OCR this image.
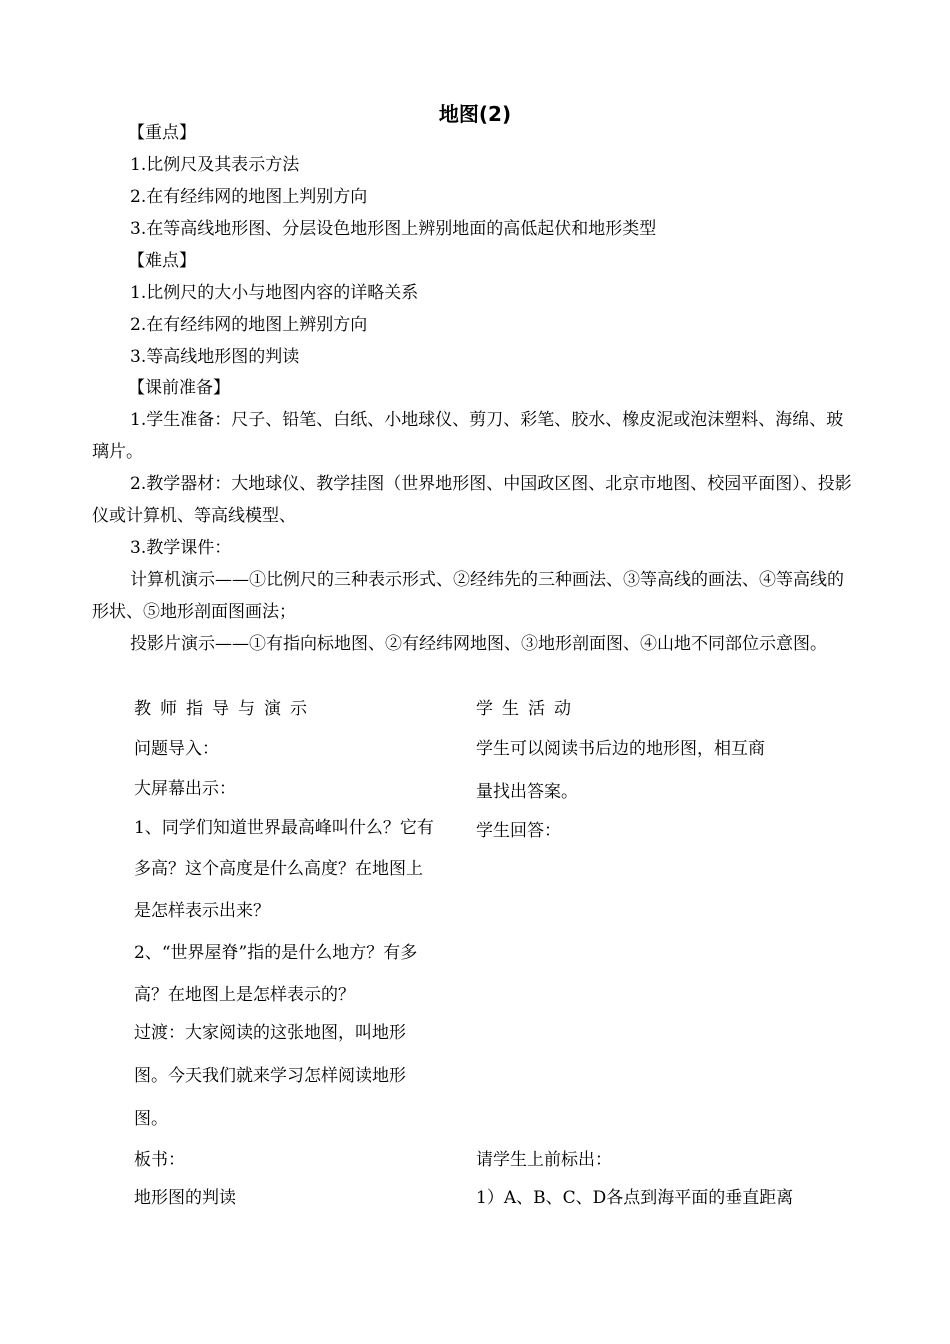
地图(2)
【重点】
1.比例尺及其表示方法
2.在有经纬网的地图上判别方向
3.在等高线地形图、分层设色地形图上辨别地面的高低起伏和地形类型
【难点】
1.比例尺的大小与地图内容的详略关系
2.在有经纬网的地图上辨别方向
3.等高线地形图的判读
【课前准备】
1.学生准备：尺子、铅笔、白纸、小地球仪、剪刀、彩笔、胶水、橡皮泥或泡沫塑料、海绵、玻璃片。
2.教学器材：大地球仪、教学挂图（世界地形图、中国政区图、北京市地图、校园平面图）、投影仪或计算机、等高线模型、
3.教学课件：
计算机演示——①比例尺的三种表示形式、②经纬先的三种画法、③等高线的画法、④等高线的形状、⑤地形剖面图画法；
投影片演示——①有指向标地图、②有经纬网地图、③地形剖面图、④山地不同部位示意图。
教师指导与演示	学生活动
问题导入：
大屏幕出示：
1、同学们知道世界最高峰叫什么？它有
多高？这个高度是什么高度？在地图上
是怎样表示出来？
2、“世界屋脊”指的是什么地方？有多
高？在地图上是怎样表示的？
过渡：大家阅读的这张地图，叫地形
图。今天我们就来学习怎样阅读地形
图。
板书：
地形图的判读
学生可以阅读书后边的地形图，相互商
量找出答案。
学生回答：
请学生上前标出：
1）A、B、C、D各点到海平面的垂直距离
